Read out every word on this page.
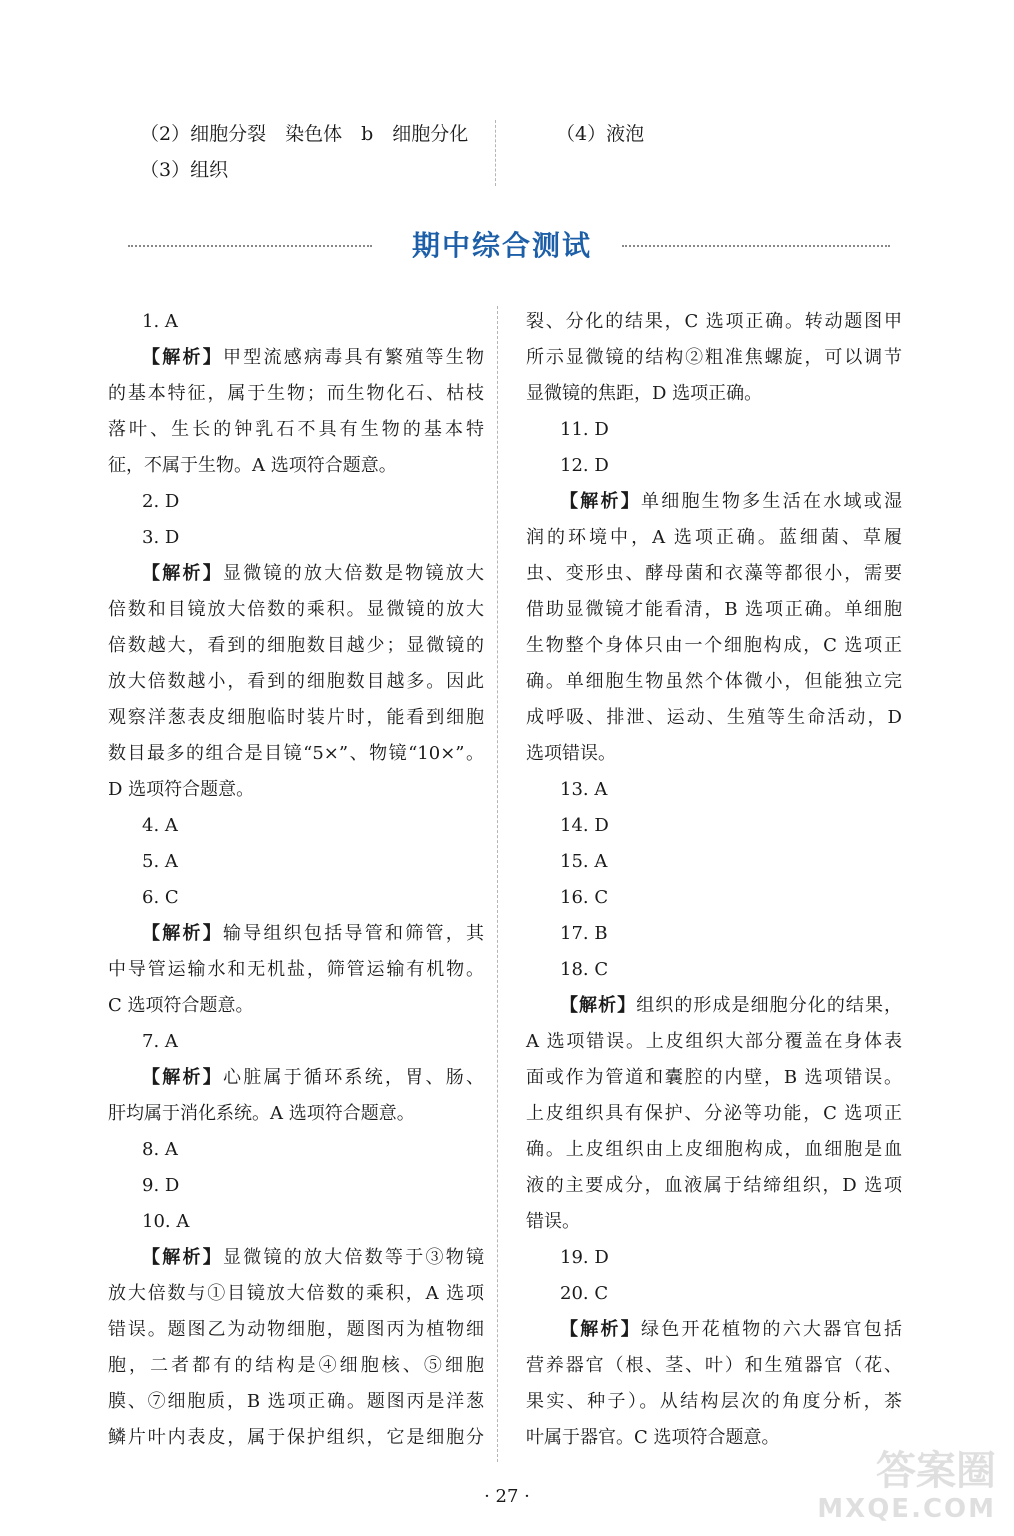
（2）细胞分裂　染色体　b　细胞分化
（3）组织
（4）液泡
期中综合测试
1. A
【解析】甲型流感病毒具有繁殖等生物
的基本特征，属于生物；而生物化石、枯枝
落叶、生长的钟乳石不具有生物的基本特
征，不属于生物。A 选项符合题意。
2. D
3. D
【解析】显微镜的放大倍数是物镜放大
倍数和目镜放大倍数的乘积。显微镜的放大
倍数越大，看到的细胞数目越少；显微镜的
放大倍数越小，看到的细胞数目越多。因此
观察洋葱表皮细胞临时装片时，能看到细胞
数目最多的组合是目镜“5×”、物镜“10×”。
D 选项符合题意。
4. A
5. A
6. C
【解析】输导组织包括导管和筛管，其
中导管运输水和无机盐，筛管运输有机物。
C 选项符合题意。
7. A
【解析】心脏属于循环系统，胃、肠、
肝均属于消化系统。A 选项符合题意。
8. A
9. D
10. A
【解析】显微镜的放大倍数等于③物镜
放大倍数与①目镜放大倍数的乘积，A 选项
错误。题图乙为动物细胞，题图丙为植物细
胞，二者都有的结构是④细胞核、⑤细胞
膜、⑦细胞质，B 选项正确。题图丙是洋葱
鳞片叶内表皮，属于保护组织，它是细胞分
裂、分化的结果，C 选项正确。转动题图甲
所示显微镜的结构②粗准焦螺旋，可以调节
显微镜的焦距，D 选项正确。
11. D
12. D
【解析】单细胞生物多生活在水域或湿
润的环境中，A 选项正确。蓝细菌、草履
虫、变形虫、酵母菌和衣藻等都很小，需要
借助显微镜才能看清，B 选项正确。单细胞
生物整个身体只由一个细胞构成，C 选项正
确。单细胞生物虽然个体微小，但能独立完
成呼吸、排泄、运动、生殖等生命活动，D
选项错误。
13. A
14. D
15. A
16. C
17. B
18. C
【解析】组织的形成是细胞分化的结果，
A 选项错误。上皮组织大部分覆盖在身体表
面或作为管道和囊腔的内壁，B 选项错误。
上皮组织具有保护、分泌等功能，C 选项正
确。上皮组织由上皮细胞构成，血细胞是血
液的主要成分，血液属于结缔组织，D 选项
错误。
19. D
20. C
【解析】绿色开花植物的六大器官包括
营养器官（根、茎、叶）和生殖器官（花、
果实、种子）。从结构层次的角度分析，茶
叶属于器官。C 选项符合题意。
· 27 ·
答案圈
MXQE.COM
